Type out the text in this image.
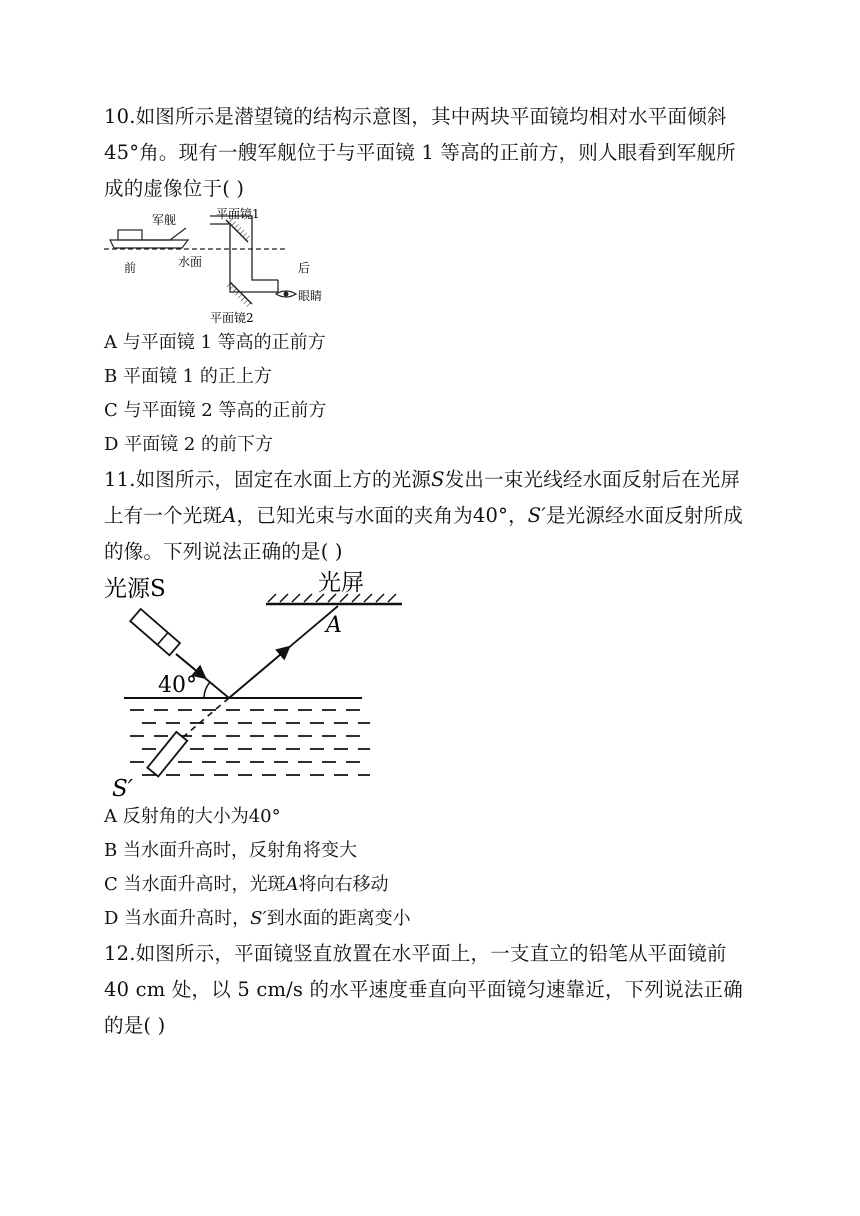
10.如图所示是潜望镜的结构示意图，其中两块平面镜均相对水平面倾斜
45°角。现有一艘军舰位于与平面镜 1 等高的正前方，则人眼看到军舰所
成的虚像位于( )
军舰	平面镜1
平面镜2
前	水面	后
眼睛
A 与平面镜 1 等高的正前方
B 平面镜 1 的正上方
C 与平面镜 2 等高的正前方
D 平面镜 2 的前下方
11.如图所示，固定在水面上方的光源S发出一束光线经水面反射后在光屏
上有一个光斑A，已知光束与水面的夹角为40°，S′是光源经水面反射所成
的像。下列说法正确的是( )
光源S	光屏
A
40°
S′
A 反射角的大小为40°
B 当水面升高时，反射角将变大
C 当水面升高时，光斑A将向右移动
D 当水面升高时，S′到水面的距离变小
12.如图所示，平面镜竖直放置在水平面上，一支直立的铅笔从平面镜前
40 cm 处，以 5 cm/s 的水平速度垂直向平面镜匀速靠近，下列说法正确
的是( )
